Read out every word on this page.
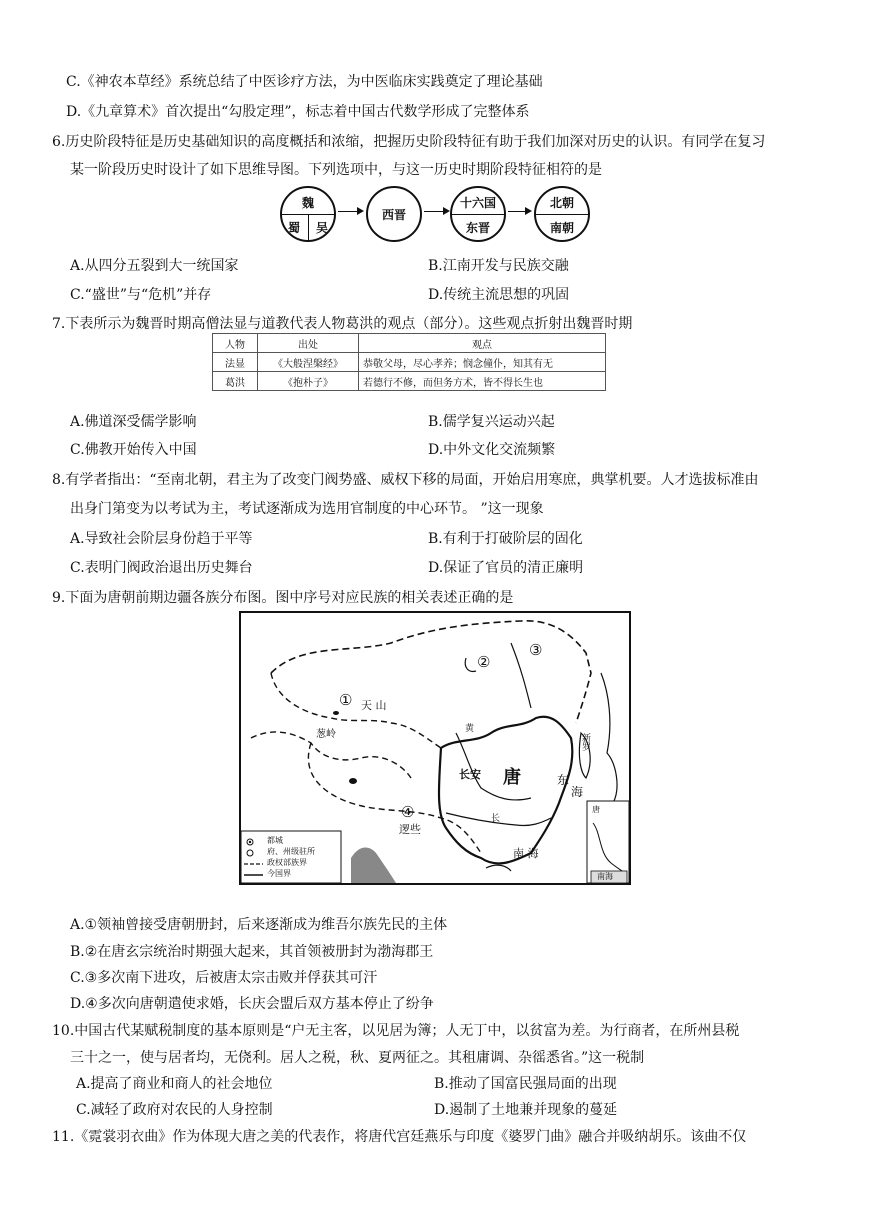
C.《神农本草经》系统总结了中医诊疗方法，为中医临床实践奠定了理论基础
D.《九章算术》首次提出“勾股定理”，标志着中国古代数学形成了完整体系
6.历史阶段特征是历史基础知识的高度概括和浓缩，把握历史阶段特征有助于我们加深对历史的认识。有同学在复习
某一阶段历史时设计了如下思维导图。下列选项中，与这一历史时期阶段特征相符的是
魏
蜀 吴
西晋
十六国
东晋
北朝
南朝
A.从四分五裂到大一统国家	B.江南开发与民族交融
C.“盛世”与“危机”并存	D.传统主流思想的巩固
7.下表所示为魏晋时期高僧法显与道教代表人物葛洪的观点（部分）。这些观点折射出魏晋时期
人物	出处	观点
法显	《大般涅槃经》	恭敬父母，尽心孝养；悯念僮仆，知其有无
葛洪	《抱朴子》	若德行不修，而但务方术，皆不得长生也
A.佛道深受儒学影响	B.儒学复兴运动兴起
C.佛教开始传入中国	D.中外文化交流频繁
8.有学者指出：“至南北朝，君主为了改变门阀势盛、威权下移的局面，开始启用寒庶，典掌机要。人才选拔标准由
出身门第变为以考试为主，考试逐渐成为选用官制度的中心环节。 ”这一现象
A.导致社会阶层身份趋于平等	B.有利于打破阶层的固化
C.表明门阀政治退出历史舞台	D.保证了官员的清正廉明
9.下面为唐朝前期边疆各族分布图。图中序号对应民族的相关表述正确的是
①
②
③
④
天 山
葱岭
长安 唐
逻些
东
海
新罗
黄
长
南 海
都城
府、州级驻所
政权部族界
今国界
唐
南海
A.①领袖曾接受唐朝册封，后来逐渐成为维吾尔族先民的主体
B.②在唐玄宗统治时期强大起来，其首领被册封为渤海郡王
C.③多次南下进攻，后被唐太宗击败并俘获其可汗
D.④多次向唐朝遣使求婚，长庆会盟后双方基本停止了纷争
10.中国古代某赋税制度的基本原则是“户无主客，以见居为簿；人无丁中，以贫富为差。为行商者，在所州县税
三十之一，使与居者均，无侥利。居人之税，秋、夏两征之。其租庸调、杂徭悉省。”这一税制
A.提高了商业和商人的社会地位	B.推动了国富民强局面的出现
C.减轻了政府对农民的人身控制	D.遏制了土地兼并现象的蔓延
11.《霓裳羽衣曲》作为体现大唐之美的代表作，将唐代宫廷燕乐与印度《婆罗门曲》融合并吸纳胡乐。该曲不仅
